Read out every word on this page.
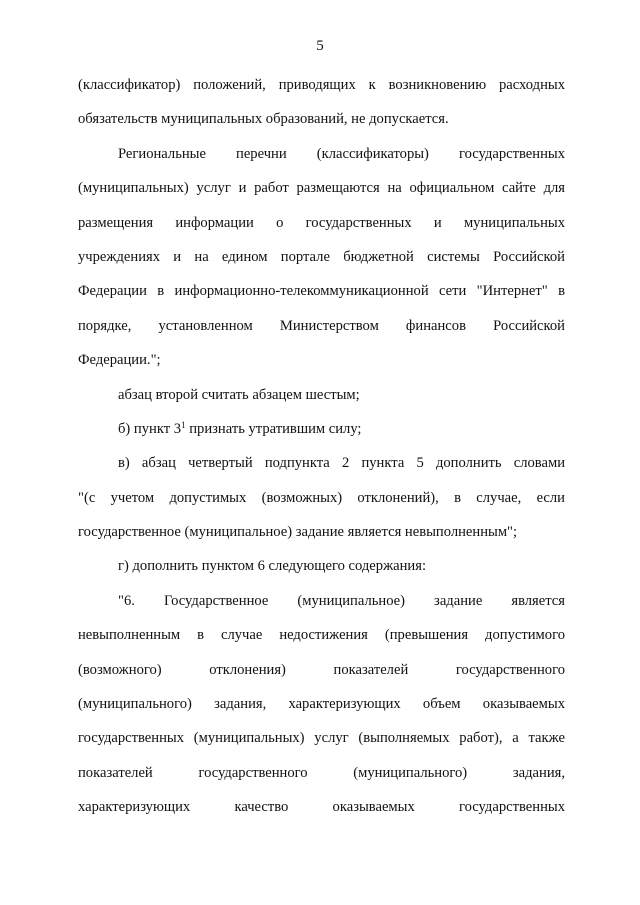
5
(классификатор) положений, приводящих к возникновению расходных
обязательств муниципальных образований, не допускается.
Региональные перечни (классификаторы) государственных
(муниципальных) услуг и работ размещаются на официальном сайте для
размещения информации о государственных и муниципальных
учреждениях и на едином портале бюджетной системы Российской
Федерации в информационно-телекоммуникационной сети "Интернет" в
порядке, установленном Министерством финансов Российской
Федерации.";
абзац второй считать абзацем шестым;
б) пункт $3^1$ признать утратившим силу;
в) абзац четвертый подпункта 2 пункта 5 дополнить словами
"(с учетом допустимых (возможных) отклонений), в случае, если
государственное (муниципальное) задание является невыполненным";
г) дополнить пунктом 6 следующего содержания:
"6. Государственное (муниципальное) задание является
невыполненным в случае недостижения (превышения допустимого
(возможного) отклонения) показателей государственного
(муниципального) задания, характеризующих объем оказываемых
государственных (муниципальных) услуг (выполняемых работ), а также
показателей государственного (муниципального) задания,
характеризующих качество оказываемых государственных
